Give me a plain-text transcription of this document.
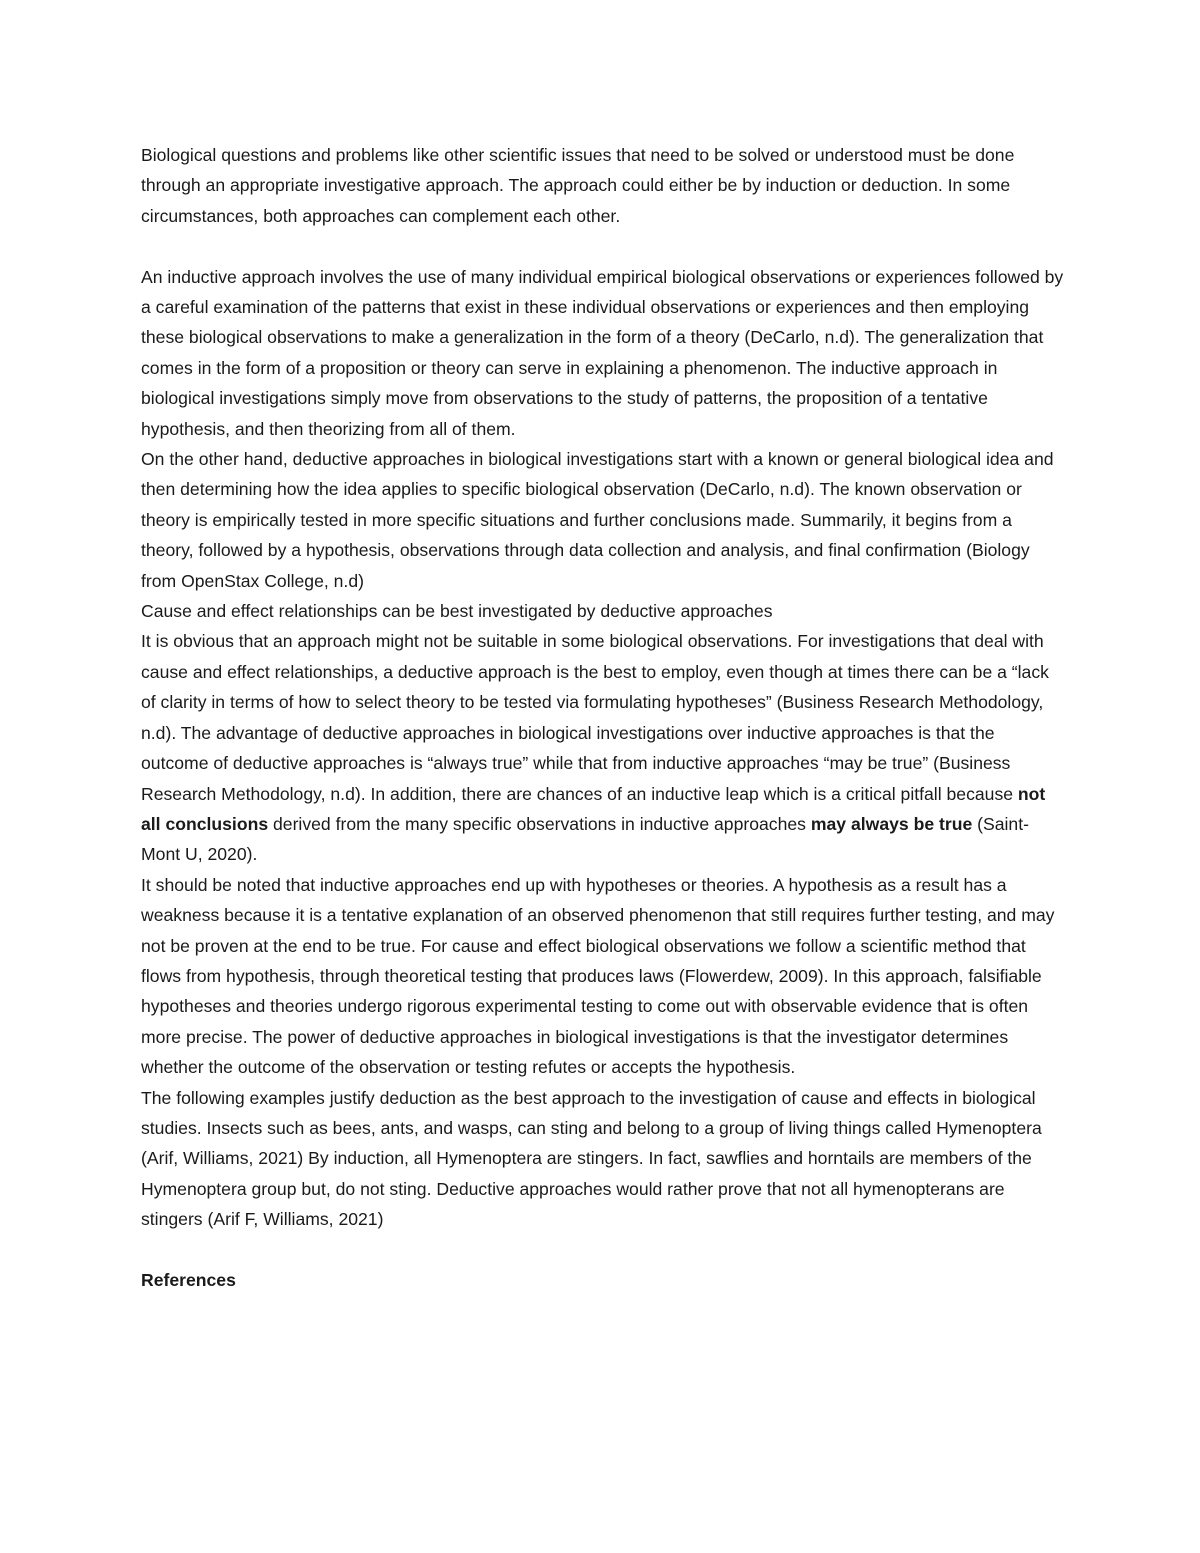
Biological questions and problems like other scientific issues that need to be solved or understood must be done through an appropriate investigative approach. The approach could either be by induction or deduction. In some circumstances, both approaches can complement each other.

An inductive approach involves the use of many individual empirical biological observations or experiences followed by a careful examination of the patterns that exist in these individual observations or experiences and then employing these biological observations to make a generalization in the form of a theory (DeCarlo, n.d). The generalization that comes in the form of a proposition or theory can serve in explaining a phenomenon. The inductive approach in biological investigations simply move from observations to the study of patterns, the proposition of a tentative hypothesis, and then theorizing from all of them.

On the other hand, deductive approaches in biological investigations start with a known or general biological idea and then determining how the idea applies to specific biological observation (DeCarlo, n.d). The known observation or theory is empirically tested in more specific situations and further conclusions made. Summarily, it begins from a theory, followed by a hypothesis, observations through data collection and analysis, and final confirmation (Biology from OpenStax College, n.d)

Cause and effect relationships can be best investigated by deductive approaches

It is obvious that an approach might not be suitable in some biological observations. For investigations that deal with cause and effect relationships, a deductive approach is the best to employ, even though at times there can be a “lack of clarity in terms of how to select theory to be tested via formulating hypotheses” (Business Research Methodology, n.d). The advantage of deductive approaches in biological investigations over inductive approaches is that the outcome of deductive approaches is “always true” while that from inductive approaches “may be true” (Business Research Methodology, n.d). In addition, there are chances of an inductive leap which is a critical pitfall because not all conclusions derived from the many specific observations in inductive approaches may always be true (Saint-Mont U, 2020).

It should be noted that inductive approaches end up with hypotheses or theories. A hypothesis as a result has a weakness because it is a tentative explanation of an observed phenomenon that still requires further testing, and may not be proven at the end to be true. For cause and effect biological observations we follow a scientific method that flows from hypothesis, through theoretical testing that produces laws (Flowerdew, 2009). In this approach, falsifiable hypotheses and theories undergo rigorous experimental testing to come out with observable evidence that is often more precise. The power of deductive approaches in biological investigations is that the investigator determines whether the outcome of the observation or testing refutes or accepts the hypothesis.

The following examples justify deduction as the best approach to the investigation of cause and effects in biological studies. Insects such as bees, ants, and wasps, can sting and belong to a group of living things called Hymenoptera (Arif, Williams, 2021) By induction, all Hymenoptera are stingers. In fact, sawflies and horntails are members of the Hymenoptera group but, do not sting. Deductive approaches would rather prove that not all hymenopterans are stingers (Arif F, Williams, 2021)

References
